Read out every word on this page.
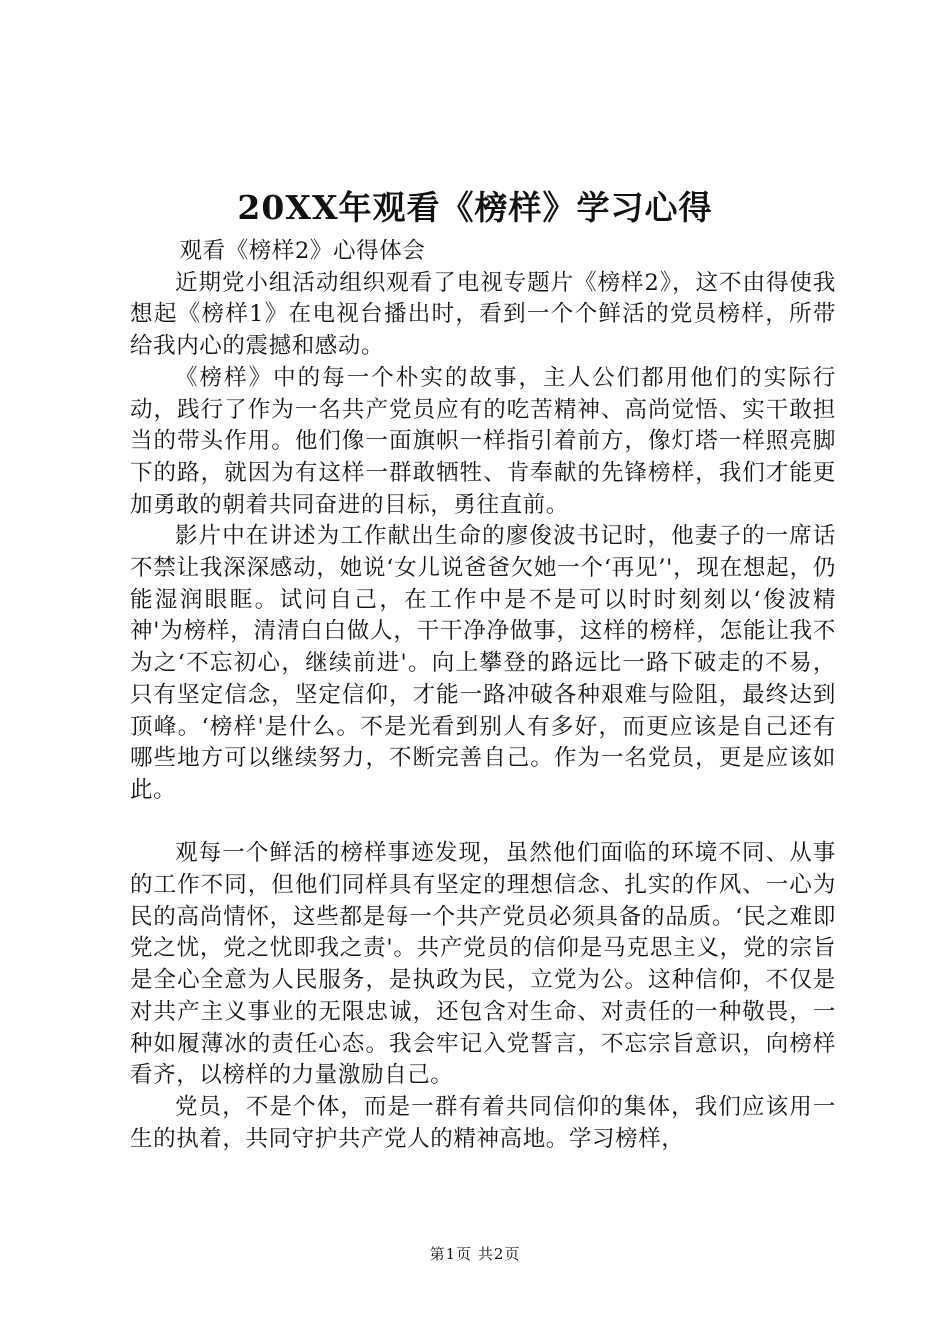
20XX年观看《榜样》学习心得

观看《榜样2》心得体会

近期党小组活动组织观看了电视专题片《榜样2》，这不由得使我想起《榜样1》在电视台播出时，看到一个个鲜活的党员榜样，所带给我内心的震撼和感动。

《榜样》中的每一个朴实的故事，主人公们都用他们的实际行动，践行了作为一名共产党员应有的吃苦精神、高尚觉悟、实干敢担当的带头作用。他们像一面旗帜一样指引着前方，像灯塔一样照亮脚下的路，就因为有这样一群敢牺牲、肯奉献的先锋榜样，我们才能更加勇敢的朝着共同奋进的目标，勇往直前。

影片中在讲述为工作献出生命的廖俊波书记时，他妻子的一席话不禁让我深深感动，她说‘女儿说爸爸欠她一个‘再见’'，现在想起，仍能湿润眼眶。试问自己，在工作中是不是可以时时刻刻以‘俊波精神'为榜样，清清白白做人，干干净净做事，这样的榜样，怎能让我不为之‘不忘初心，继续前进'。向上攀登的路远比一路下破走的不易，只有坚定信念，坚定信仰，才能一路冲破各种艰难与险阻，最终达到顶峰。‘榜样'是什么。不是光看到别人有多好，而更应该是自己还有哪些地方可以继续努力，不断完善自己。作为一名党员，更是应该如此。

观每一个鲜活的榜样事迹发现，虽然他们面临的环境不同、从事的工作不同，但他们同样具有坚定的理想信念、扎实的作风、一心为民的高尚情怀，这些都是每一个共产党员必须具备的品质。‘民之难即党之忧，党之忧即我之责'。共产党员的信仰是马克思主义，党的宗旨是全心全意为人民服务，是执政为民，立党为公。这种信仰，不仅是对共产主义事业的无限忠诚，还包含对生命、对责任的一种敬畏，一种如履薄冰的责任心态。我会牢记入党誓言，不忘宗旨意识，向榜样看齐，以榜样的力量激励自己。

党员，不是个体，而是一群有着共同信仰的集体，我们应该用一生的执着，共同守护共产党人的精神高地。学习榜样，

第1页 共2页
